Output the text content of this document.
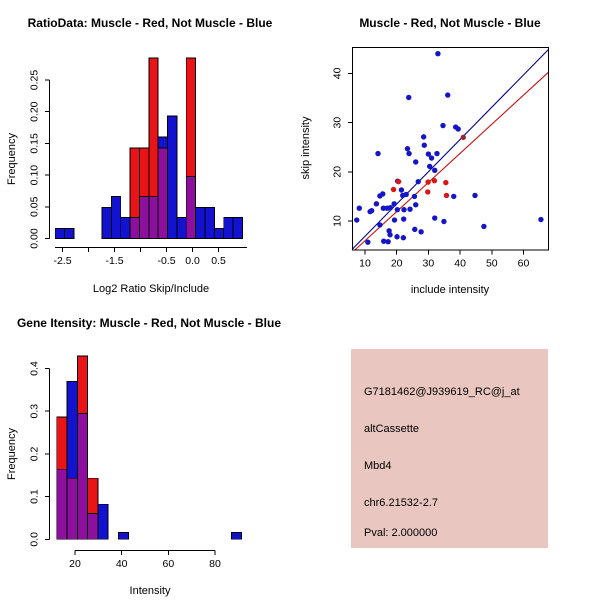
RatioData: Muscle - Red, Not Muscle - Blue
0.00
0.05
0.10
0.15
0.20
0.25
-2.5	-1.5	-0.5 0.0 0.5
Log2 Ratio Skip/Include
Frequency
Muscle - Red, Not Muscle - Blue
10 20 30 40 50 60
10
20
30
40
include intensity
skip intensity
Gene Itensity: Muscle - Red, Not Muscle - Blue
0.0
0.1
0.2
0.3
0.4
20	40	60	80
Intensity
Frequency
G7181462@J939619_RC@j_at
altCassette
Mbd4
chr6.21532-2.7
Pval: 2.000000
